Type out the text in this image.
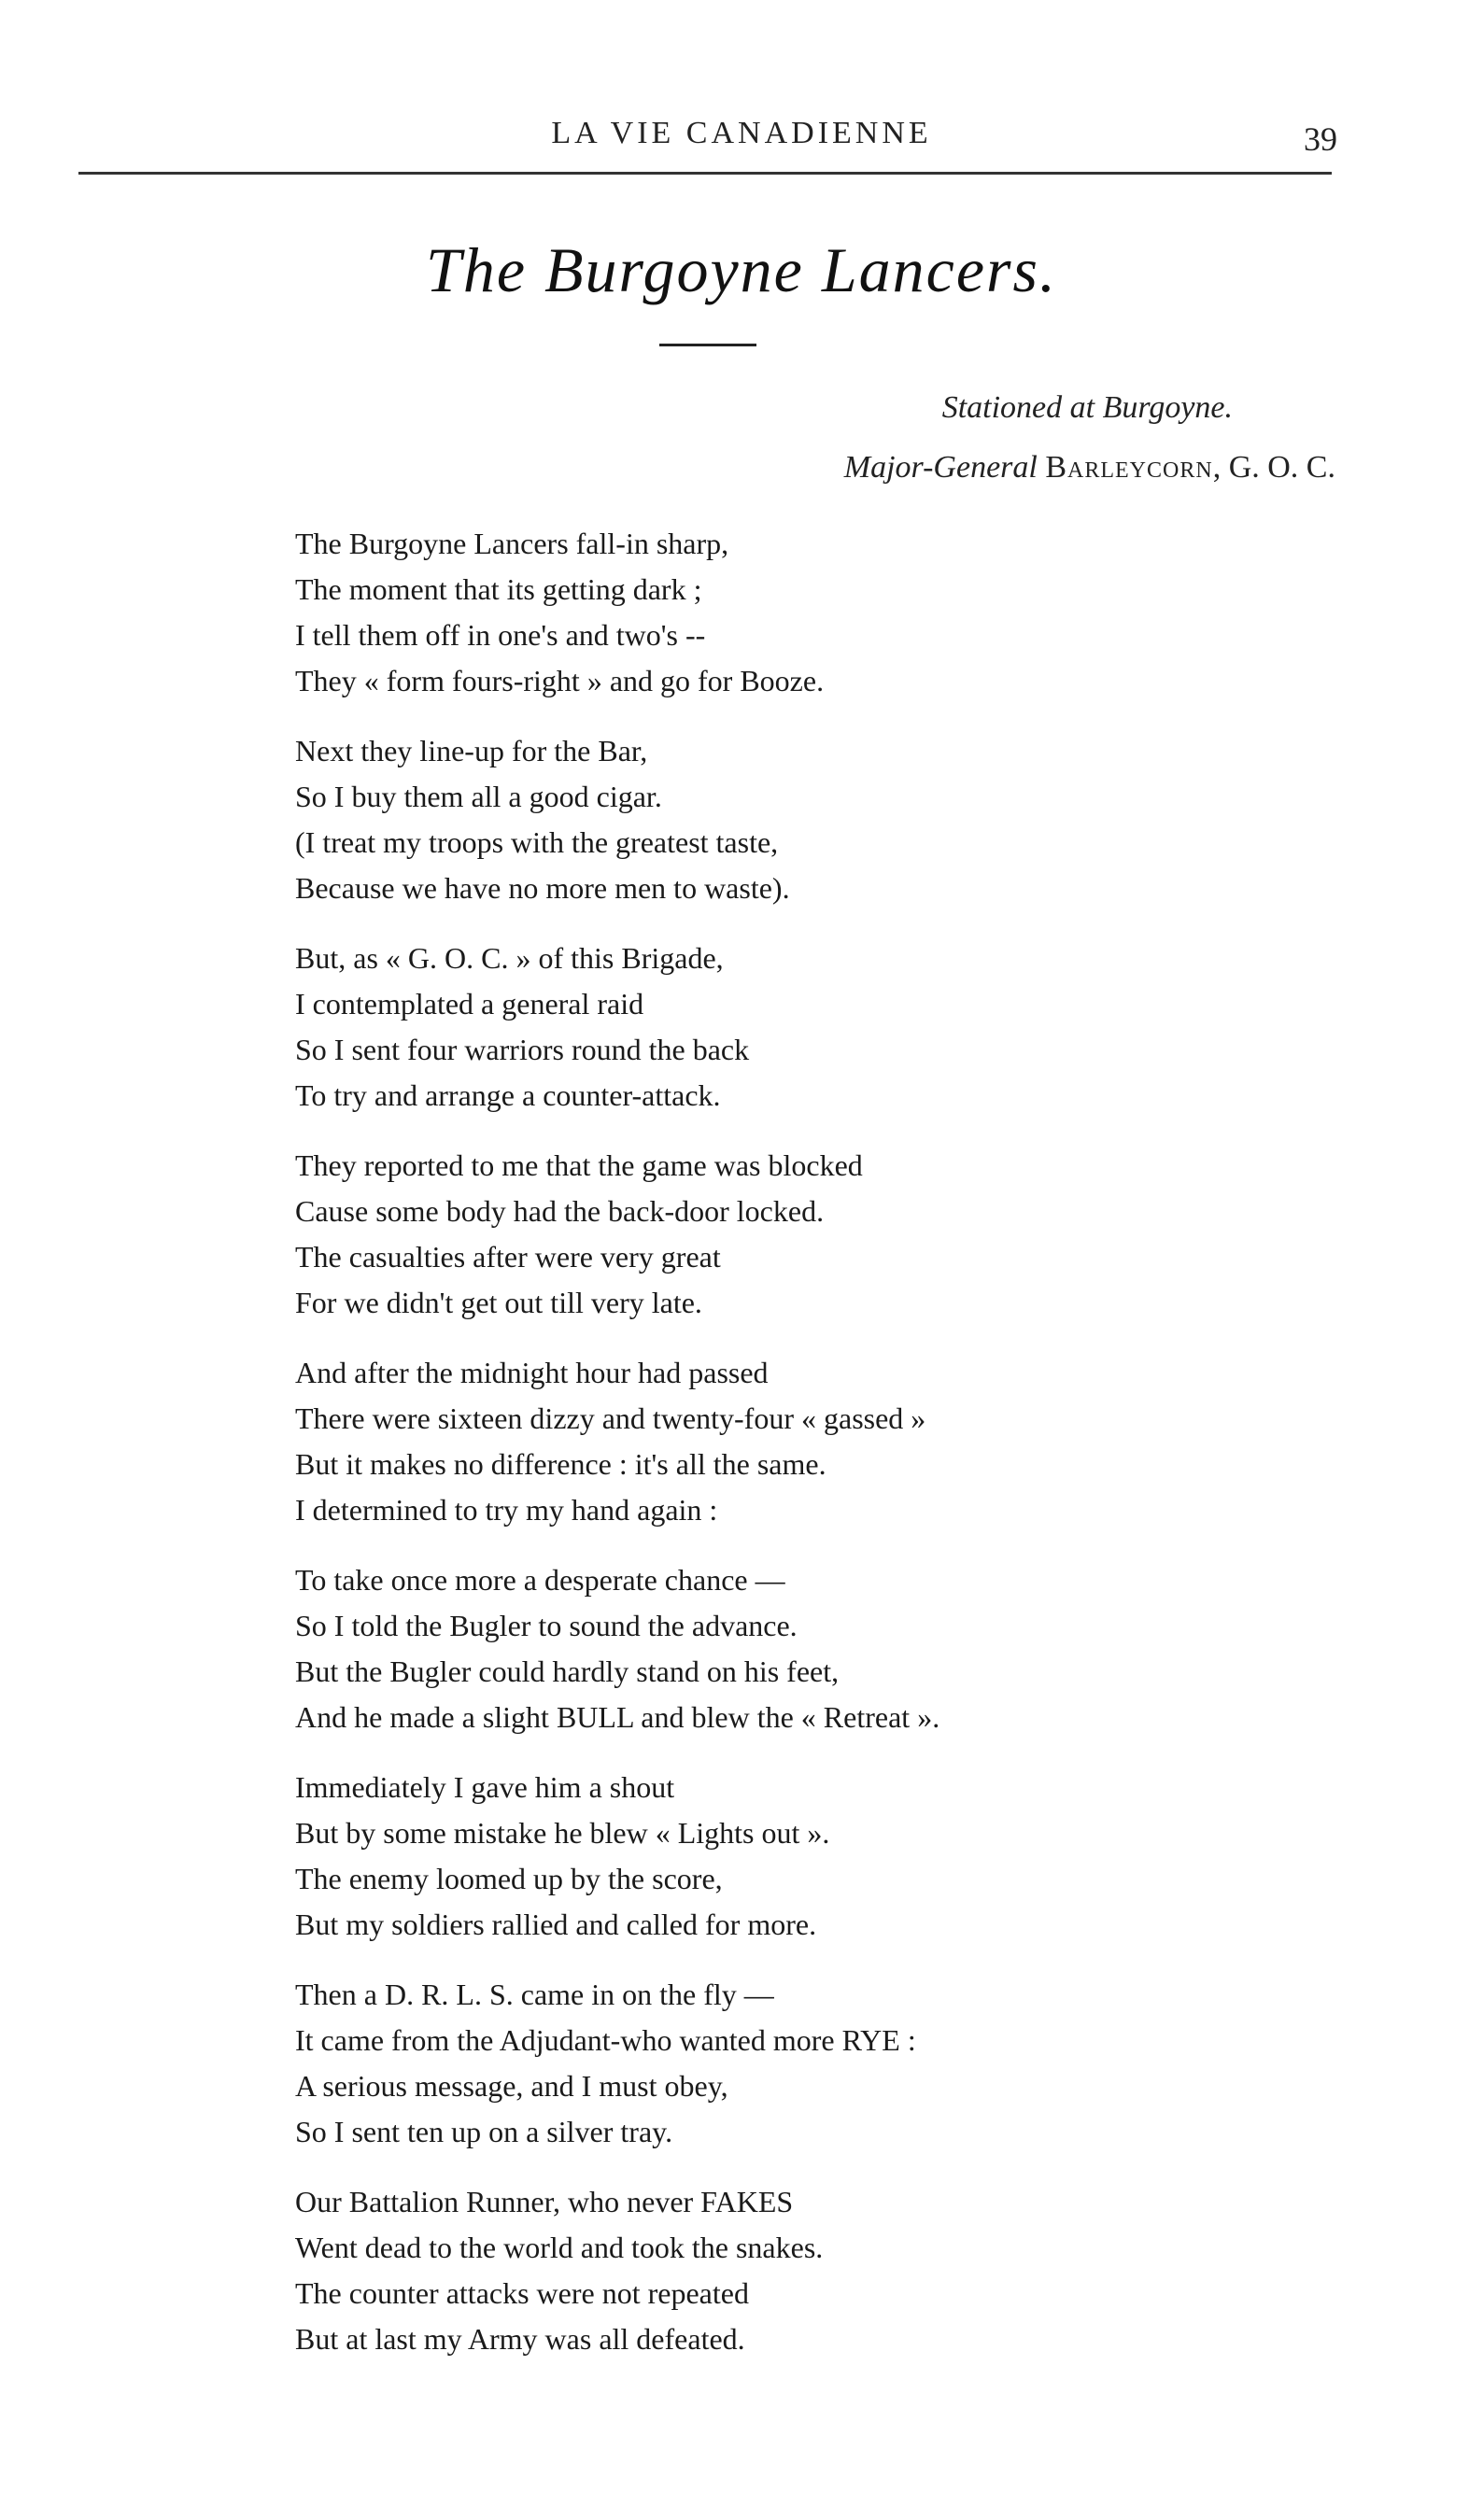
LA VIE CANADIENNE	39
The Burgoyne Lancers.
Stationed at Burgoyne.
Major-General Barleycorn, G. O. C.
The Burgoyne Lancers fall-in sharp,
The moment that its getting dark ;
I tell them off in one's and two's --
They « form fours-right » and go for Booze.
Next they line-up for the Bar,
So I buy them all a good cigar.
(I treat my troops with the greatest taste,
Because we have no more men to waste).
But, as « G. O. C. » of this Brigade,
I contemplated a general raid
So I sent four warriors round the back
To try and arrange a counter-attack.
They reported to me that the game was blocked
Cause some body had the back-door locked.
The casualties after were very great
For we didn't get out till very late.
And after the midnight hour had passed
There were sixteen dizzy and twenty-four « gassed »
But it makes no difference : it's all the same.
I determined to try my hand again :
To take once more a desperate chance —
So I told the Bugler to sound the advance.
But the Bugler could hardly stand on his feet,
And he made a slight BULL and blew the « Retreat ».
Immediately I gave him a shout
But by some mistake he blew « Lights out ».
The enemy loomed up by the score,
But my soldiers rallied and called for more.
Then a D. R. L. S. came in on the fly —
It came from the Adjudant-who wanted more RYE :
A serious message, and I must obey,
So I sent ten up on a silver tray.
Our Battalion Runner, who never FAKES
Went dead to the world and took the snakes.
The counter attacks were not repeated
But at last my Army was all defeated.
